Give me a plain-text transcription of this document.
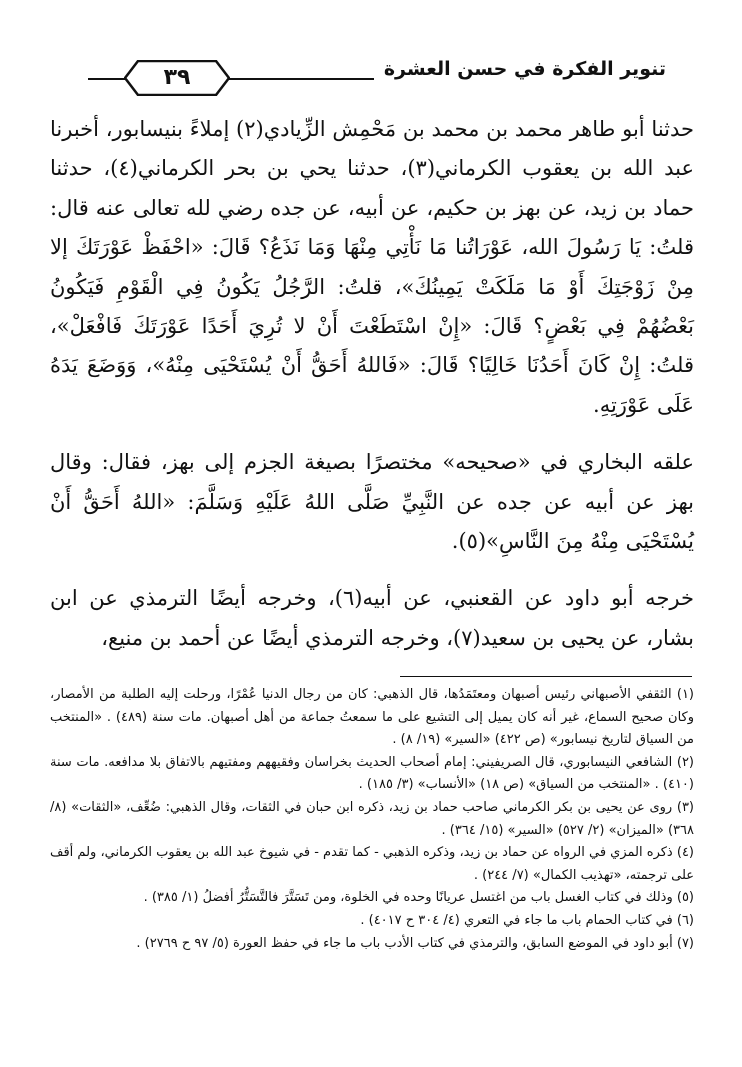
٣٩	تنوير الفكرة في حسن العشرة

حدثنا أبو طاهر محمد بن محمد بن مَحْمِش الزِّيادي(٢) إملاءً بنيسابور، أخبرنا عبد الله بن يعقوب الكرماني(٣)، حدثنا يحي بن بحر الكرماني(٤)، حدثنا حماد بن زيد، عن بهز بن حكيم، عن أبيه، عن جده رضي لله تعالى عنه قال: قلتُ: يَا رَسُولَ الله، عَوْرَاتُنا مَا نَأْتِي مِنْهَا وَمَا نَذَعُ؟ قَالَ: «احْفَظْ عَوْرَتَكَ إلا مِنْ زَوْجَتِكَ أَوْ مَا مَلَكَتْ يَمِينُكَ»، قلتُ: الرَّجُلُ يَكُونُ فِي الْقَوْمِ فَيَكُونُ بَعْضُهُمْ فِي بَعْضٍ؟ قَالَ: «إِنْ اسْتَطَعْتَ أَنْ لا تُرِيَ أَحَدًا عَوْرَتَكَ فَافْعَلْ»، قلتُ: إِنْ كَانَ أَحَدُنَا خَالِيًا؟ قَالَ: «فَاللهُ أَحَقُّ أَنْ يُسْتَحْيَى مِنْهُ»، وَوَضَعَ يَدَهُ عَلَى عَوْرَتِهِ.

علقه البخاري في «صحيحه» مختصرًا بصيغة الجزم إلى بهز، فقال: وقال بهز عن أبيه عن جده عن النَّبِيِّ صَلَّى اللهُ عَلَيْهِ وَسَلَّمَ: «اللهُ أَحَقُّ أَنْ يُسْتَحْيَى مِنْهُ مِنَ النَّاسِ»(٥).

خرجه أبو داود عن القعنبي، عن أبيه(٦)، وخرجه أيضًا الترمذي عن ابن بشار، عن يحيى بن سعيد(٧)، وخرجه الترمذي أيضًا عن أحمد بن منيع،

(١) الثقفي الأصبهاني رئيس أصبهان ومعتَمَدُها، قال الذهبي: كان من رجال الدنيا عُمْرًا، ورحلت إليه الطلبة من الأمصار، وكان صحيح السماع، غير أنه كان يميل إلى التشيع على ما سمعتُ جماعة من أهل أصبهان. مات سنة (٤٨٩) . «المنتخب من السياق لتاريخ نيسابور» (ص ٤٢٢) «السير» (١٩/ ٨) .

(٢) الشافعي النيسابوري، قال الصريفيني: إمام أصحاب الحديث بخراسان وفقيههم ومفتيهم بالاتفاق بلا مدافعه. مات سنة (٤١٠) . «المنتخب من السياق» (ص ١٨) «الأنساب» (٣/ ١٨٥) .

(٣) روى عن يحيى بن بكر الكرماني صاحب حماد بن زيد، ذكره ابن حبان في الثقات، وقال الذهبي: ضُعِّف، «الثقات» (٨/ ٣٦٨) «الميزان» (٢/ ٥٢٧) «السير» (١٥/ ٣٦٤) .

(٤) ذكره المزي في الرواه عن حماد بن زيد، وذكره الذهبي - كما تقدم - في شيوخ عبد الله بن يعقوب الكرماني، ولم أقف على ترجمته، «تهذيب الكمال» (٧/ ٢٤٤) .

(٥) وذلك في كتاب الغسل باب من اغتسل عريانًا وحده في الخلوة، ومن تَسَتَّرَ فالتَّسَتُّرُ أفضلُ (١/ ٣٨٥) .

(٦) في كتاب الحمام باب ما جاء في التعري (٤/ ٣٠٤ ح ٤٠١٧) .

(٧) أبو داود في الموضع السابق، والترمذي في كتاب الأدب باب ما جاء في حفظ العورة (٥/ ٩٧ ح ٢٧٦٩) .
